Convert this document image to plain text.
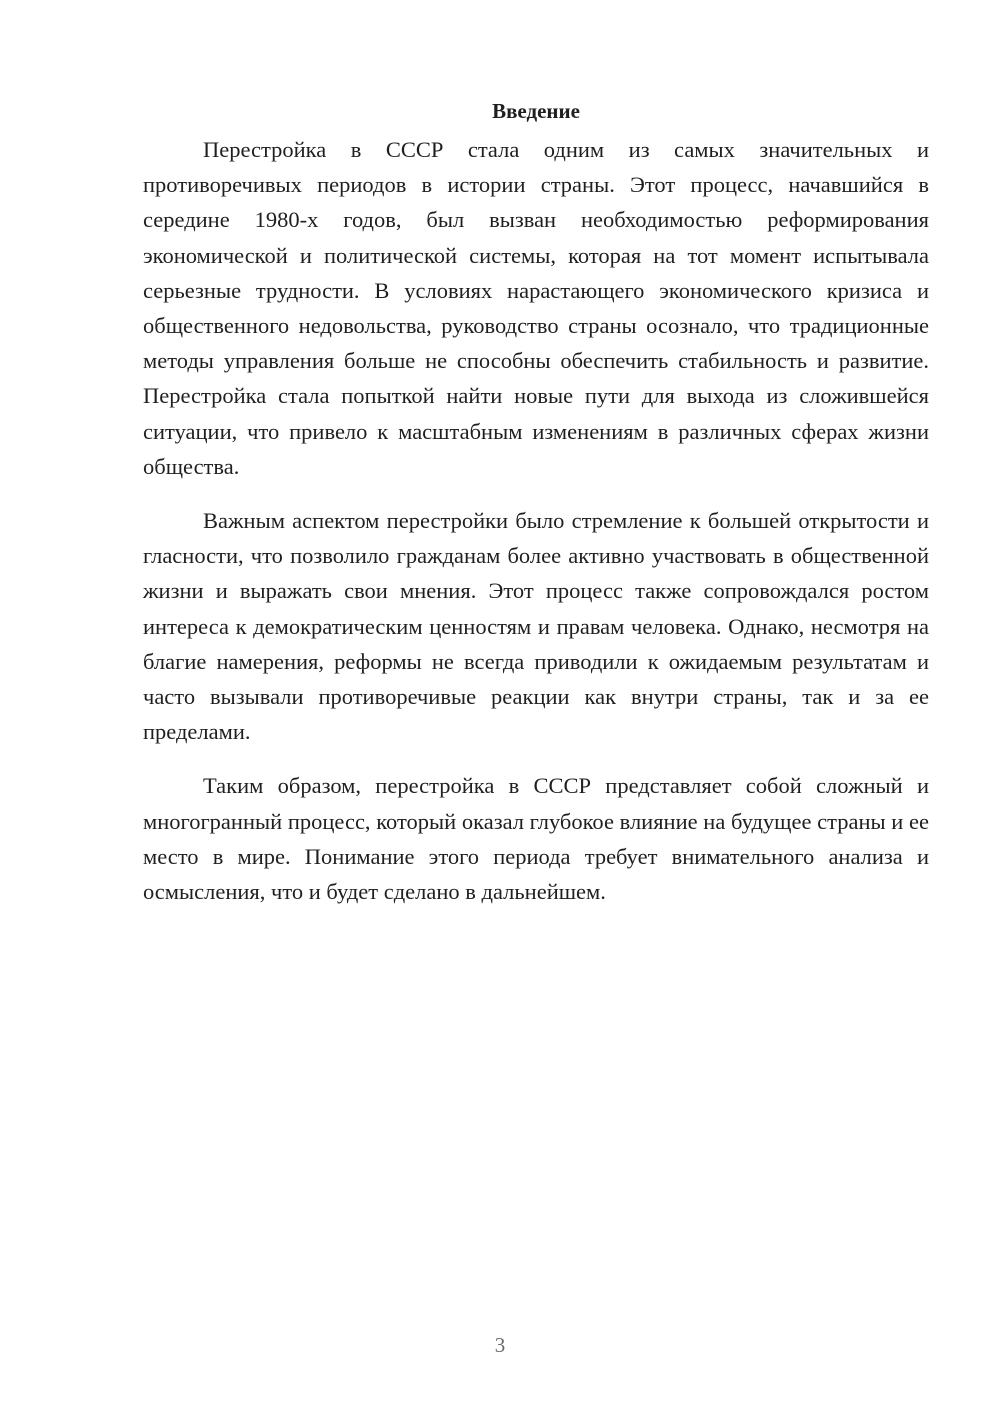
Введение

Перестройка в СССР стала одним из самых значительных и противоречивых периодов в истории страны. Этот процесс, начавшийся в середине 1980-х годов, был вызван необходимостью реформирования экономической и политической системы, которая на тот момент испытывала серьезные трудности. В условиях нарастающего экономического кризиса и общественного недовольства, руководство страны осознало, что традиционные методы управления больше не способны обеспечить стабильность и развитие. Перестройка стала попыткой найти новые пути для выхода из сложившейся ситуации, что привело к масштабным изменениям в различных сферах жизни общества.

Важным аспектом перестройки было стремление к большей открытости и гласности, что позволило гражданам более активно участвовать в общественной жизни и выражать свои мнения. Этот процесс также сопровождался ростом интереса к демократическим ценностям и правам человека. Однако, несмотря на благие намерения, реформы не всегда приводили к ожидаемым результатам и часто вызывали противоречивые реакции как внутри страны, так и за ее пределами.

Таким образом, перестройка в СССР представляет собой сложный и многогранный процесс, который оказал глубокое влияние на будущее страны и ее место в мире. Понимание этого периода требует внимательного анализа и осмысления, что и будет сделано в дальнейшем.

3
